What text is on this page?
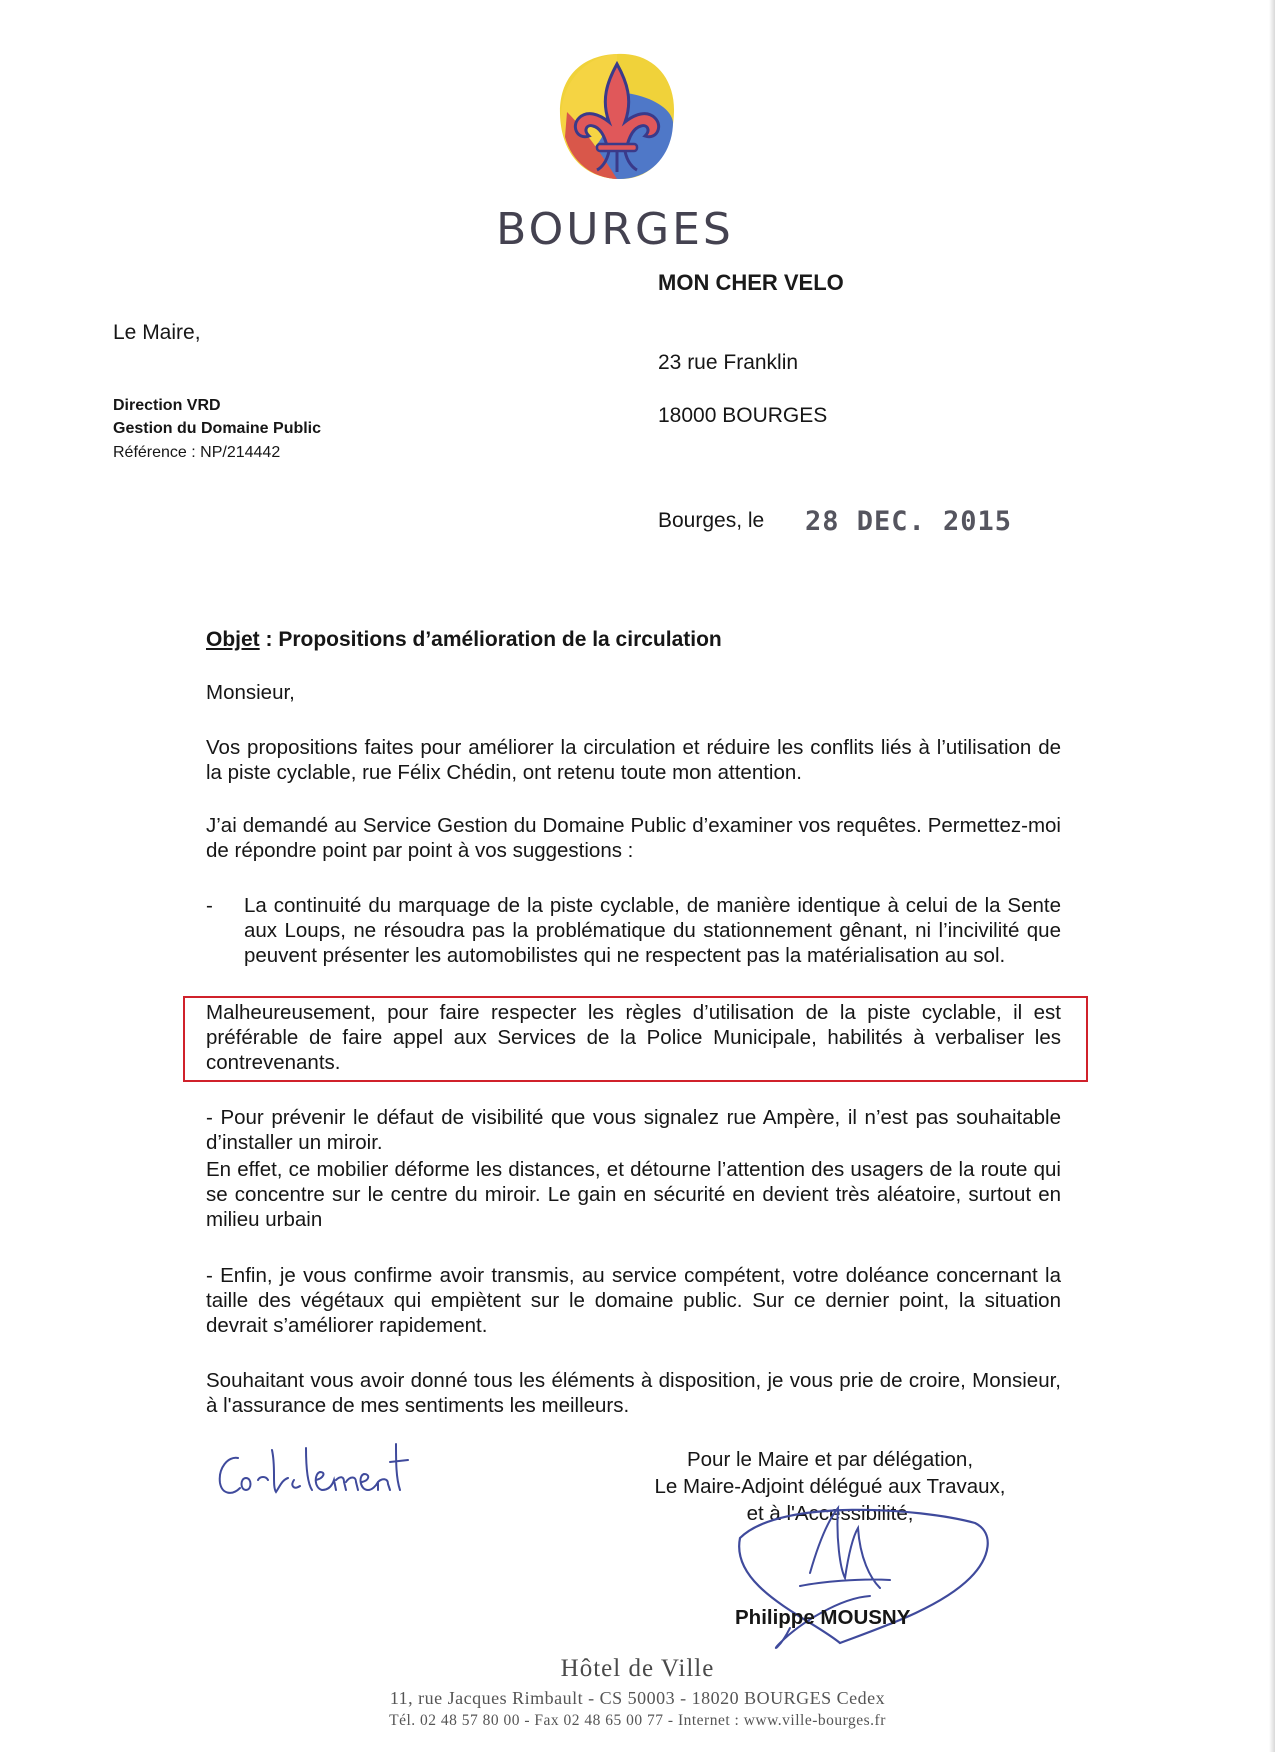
BOURGES
MON CHER VELO
23 rue Franklin
18000 BOURGES
Le Maire,
Direction VRD
Gestion du Domaine Public
Référence : NP/214442
Bourges, le 28 DEC. 2015
Objet : Propositions d’amélioration de la circulation
Monsieur,
Vos propositions faites pour améliorer la circulation et réduire les conflits liés à l’utilisation de la piste cyclable, rue Félix Chédin, ont retenu toute mon attention.
J’ai demandé au Service Gestion du Domaine Public d’examiner vos requêtes. Permettez-moi de répondre point par point à vos suggestions :
-	La continuité du marquage de la piste cyclable, de manière identique à celui de la Sente aux Loups, ne résoudra pas la problématique du stationnement gênant, ni l’incivilité que peuvent présenter les automobilistes qui ne respectent pas la matérialisation au sol.
Malheureusement, pour faire respecter les règles d’utilisation de la piste cyclable, il est préférable de faire appel aux Services de la Police Municipale, habilités à verbaliser les contrevenants.
- Pour prévenir le défaut de visibilité que vous signalez rue Ampère, il n’est pas souhaitable d’installer un miroir.
En effet, ce mobilier déforme les distances, et détourne l’attention des usagers de la route qui se concentre sur le centre du miroir. Le gain en sécurité en devient très aléatoire, surtout en milieu urbain
- Enfin, je vous confirme avoir transmis, au service compétent, votre doléance concernant la taille des végétaux qui empiètent sur le domaine public. Sur ce dernier point, la situation devrait s’améliorer rapidement.
Souhaitant vous avoir donné tous les éléments à disposition, je vous prie de croire, Monsieur, à l'assurance de mes sentiments les meilleurs.
Pour le Maire et par délégation,
Le Maire-Adjoint délégué aux Travaux,
et à l'Accessibilité,
Philippe MOUSNY
Hôtel de Ville
11, rue Jacques Rimbault - CS 50003 - 18020 BOURGES Cedex
Tél. 02 48 57 80 00 - Fax 02 48 65 00 77 - Internet : www.ville-bourges.fr
